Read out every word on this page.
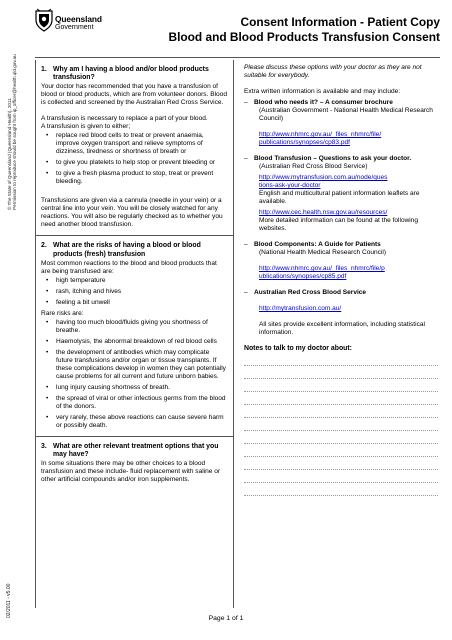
© The State of Queensland (Queensland Health), 2011 Permission to reproduce should be sought from ip_officer@health.qld.gov.au
02/2011 - v5.00
Queensland
Government	Consent Information - Patient Copy
Blood and Blood Products Transfusion Consent
1. Why am I having a blood and/or blood products transfusion?

Your doctor has recommended that you have a transfusion of blood or blood products, which are from volunteer donors. Blood is collected and screened by the Australian Red Cross Service.

A transfusion is necessary to replace a part of your blood.

A transfusion is given to either;

• replace red blood cells to treat or prevent anaemia, improve oxygen transport and relieve symptoms of dizziness, tiredness or shortness of breath or
• to give you platelets to help stop or prevent bleeding or
• to give a fresh plasma product to stop, treat or prevent bleeding.

Transfusions are given via a cannula (needle in your vein) or a central line into your vein. You will be closely watched for any reactions. You will also be regularly checked as to whether you need another blood transfusion.

2. What are the risks of having a blood or blood products (fresh) transfusion

Most common reactions to the blood and blood products that are being transfused are:

• high temperature
• rash, itching and hives
• feeling a bit unwell

Rare risks are:

• having too much blood/fluids giving you shortness of breathe.
• Haemolysis, the abnormal breakdown of red blood cells
• the development of antibodies which may complicate future transfusions and/or organ or tissue transplants. If these complications develop in women they can potentially cause problems for all current and future unborn babies.
• lung injury causing shortness of breath.
• the spread of viral or other infectious germs from the blood of the donors.
• very rarely, these above reactions can cause severe harm or possibly death.
3. What are other relevant treatment options that you may have?

In some situations there may be other choices to a blood transfusion and these include- fluid replacement with saline or other artificial compounds and/or iron supplements.

Please discuss these options with your doctor as they are not suitable for everybody.

Extra written information is available and may include:

– Blood who needs it? – A consumer brochure

(Australian Government - National Health Medical Research Council)

http://www.nhmrc.gov.au/_files_nhmrc/file/
publications/synopses/cp83.pdf
– Blood Transfusion – Questions to ask your doctor.

(Australian Red Cross Blood Service)

http://www.mytransfusion.com.au/node/ques
tions-ask-your-doctor

English and multicultural patient information leaflets are available.

http://www.cec.health.nsw.gov.au/resources/

More detailed information can be found at the following websites.

– Blood Components: A Guide for Patients

(National Health Medical Research Council)

http://www.nhmrc.gov.au/_files_nhmrc/file/p
ublications/synopses/cp85.pdf
– Australian Red Cross Blood Service
http://mytransfusion.com.au/

All sites provide excellent information, including statistical information.

Notes to talk to my doctor about:
Page 1 of 1
